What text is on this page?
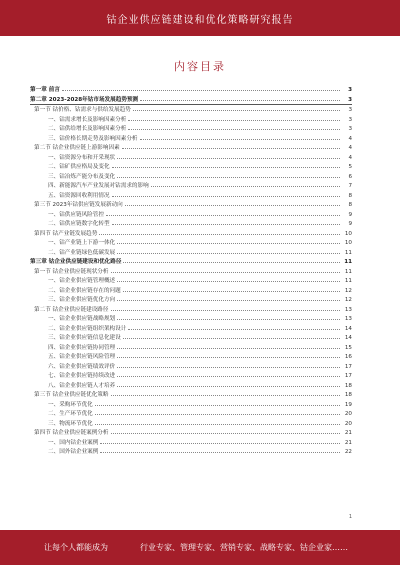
钴企业供应链建设和优化策略研究报告
内容目录
第一章 前言	3
第二章 2023-2028年钴市场发展趋势预测	3
第一节 钴价格、钴需求与供给发展趋势	3
一、钴需求增长及影响因素分析	3
二、钴供给增长及影响因素分析	3
三、钴价格长期走势及影响因素分析	4
第二节 钴企业供应链上游影响因素	4
一、钴资源分布和开采现状	4
二、钴矿供应格局及变化	5
三、钴冶炼产能分布及变化	6
四、新能源汽车产业发展对钴需求的影响	7
五、钴资源回收利用情况	8
第三节 2023年钴供应链发展新动向	8
一、钴供应链风险管控	9
二、钴供应链数字化转型	9
第四节 钴产业链发展趋势	10
一、钴产业链上下游一体化	10
二、钴产业链绿色低碳发展	11
第三章 钴企业供应链建设和优化路径	11
第一节 钴企业供应链现状分析	11
一、钴企业供应链管理概述	11
二、钴企业供应链存在的问题	12
三、钴企业供应链优化方向	12
第二节 钴企业供应链建设路径	13
一、钴企业供应链战略规划	13
二、钴企业供应链组织架构设计	14
三、钴企业供应链信息化建设	14
四、钴企业供应链协同管理	15
五、钴企业供应链风险管理	16
六、钴企业供应链绩效评价	17
七、钴企业供应链持续改进	17
八、钴企业供应链人才培养	18
第三节 钴企业供应链优化策略	18
一、采购环节优化	19
二、生产环节优化	20
三、物流环节优化	20
第四节 钴企业供应链案例分析	21
一、国内钴企业案例	21
二、国外钴企业案例	22
1
让每个人都能成为	行业专家、管理专家、营销专家、战略专家、钴企业家……
